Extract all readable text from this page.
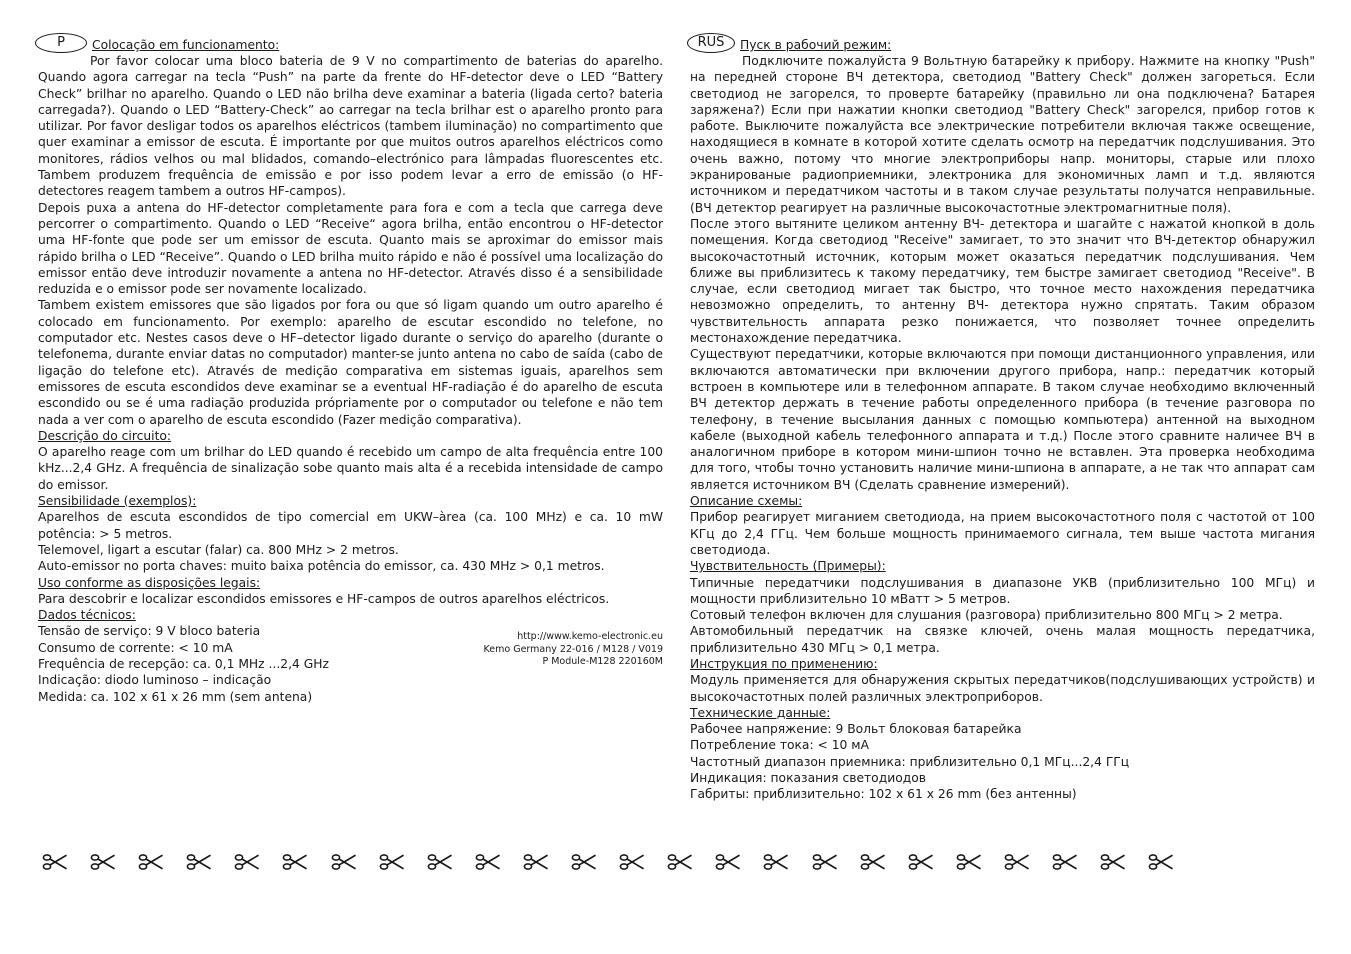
P	Colocação em funcionamento:

Por favor colocar uma bloco bateria de 9 V no compartimento de baterias do aparelho. Quando agora carregar na tecla “Push” na parte da frente do HF-detector deve o LED “Battery Check” brilhar no aparelho. Quando o LED não brilha deve examinar a bateria (ligada certo? bateria carregada?). Quando o LED “Battery-Check” ao carregar na tecla brilhar est o aparelho pronto para utilizar. Por favor desligar todos os aparelhos eléctricos (tambem iluminação) no compartimento que quer examinar a emissor de escuta. É importante por que muitos outros aparelhos eléctricos como monitores, rádios velhos ou mal blidados, comando–electrónico para lâmpadas fluorescentes etc. Tambem produzem frequência de emissão e por isso podem levar a erro de emissão (o HF- detectores reagem tambem a outros HF-campos).

Depois puxa a antena do HF-detector completamente para fora e com a tecla que carrega deve percorrer o compartimento. Quando o LED “Receive“ agora brilha, então encontrou o HF-detector uma HF-fonte que pode ser um emissor de escuta. Quanto mais se aproximar do emissor mais rápido brilha o LED “Receive”. Quando o LED brilha muito rápido e não é possível uma localização do emissor então deve introduzir novamente a antena no HF-detector. Através disso é a sensibilidade reduzida e o emissor pode ser novamente localizado.

Tambem existem emissores que são ligados por fora ou que só ligam quando um outro aparelho é colocado em funcionamento. Por exemplo: aparelho de escutar escondido no telefone, no computador etc. Nestes casos deve o HF–detector ligado durante o serviço do aparelho (durante o telefonema, durante enviar datas no computador) manter-se junto antena no cabo de saída (cabo de ligação do telefone etc). Através de medição comparativa em sistemas iguais, aparelhos sem emissores de escuta escondidos deve examinar se a eventual HF-radiação é do aparelho de escuta escondido ou se é uma radiação produzida própriamente por o computador ou telefone e não tem nada a ver com o aparelho de escuta escondido (Fazer medição comparativa).

Descrição do circuito:

O aparelho reage com um brilhar do LED quando é recebido um campo de alta frequência entre 100 kHz...2,4 GHz. A frequência de sinalização sobe quanto mais alta é a recebida intensidade de campo do emissor.

Sensibilidade (exemplos):

Aparelhos de escuta escondidos de tipo comercial em UKW–àrea (ca. 100 MHz) e ca. 10 mW potência: > 5 metros.

Telemovel, ligart a escutar (falar) ca. 800 MHz > 2 metros.

Auto-emissor no porta chaves: muito baixa potência do emissor, ca. 430 MHz > 0,1 metros.

Uso conforme as disposições legais:

Para descobrir e localizar escondidos emissores e HF-campos de outros aparelhos eléctricos.

Dados técnicos:
Tensão de serviço: 9 V bloco bateria
Consumo de corrente: < 10 mA
Frequência de recepção: ca. 0,1 MHz ...2,4 GHz
Indicação: diodo luminoso – indicação
Medida: ca. 102 x 61 x 26 mm (sem antena)
http://www.kemo-electronic.eu
Kemo Germany 22-016 / M128 / V019
P Module-M128 220160M
RUS	Пуск в рабочий режим:

Подключите пожалуйста 9 Вольтную батарейку к прибору. Нажмите на кнопку "Push" на передней стороне ВЧ детектора, светодиод "Battery Check" должен загореться. Если светодиод не загорелся, то проверте батарейку (правильно ли она подключена? Батарея заряжена?) Если при нажатии кнопки светодиод "Battery Check" загорелся, прибор готов к работе. Выключите пожалуйста все электрические потребители включая также освещение, находящиеся в комнате в которой хотите сделать осмотр на передатчик подслушивания. Это очень важно, потому что многие электроприборы напр. мониторы, старые или плохо экранированые радиоприемники, электроника для экономичных ламп и т.д. являются источником и передатчиком частоты и в таком случае результаты получатся неправильные. (ВЧ детектор реагирует на различные высокочастотные электромагнитные поля).

После этого вытяните целиком антенну ВЧ- детектора и шагайте с нажатой кнопкой в доль помещения. Когда светодиод "Receive" замигает, то это значит что ВЧ-детектор обнаружил высокочастотный источник, которым может оказаться передатчик подслушивания. Чем ближе вы приблизитесь к такому передатчику, тем быстре замигает светодиод "Receive". В случае, если светодиод мигает так быстро, что точное место нахождения передатчика невозможно определить, то антенну ВЧ- детектора нужно спрятать. Таким образом чувствительность аппарата резко понижается, что позволяет точнее определить местонахождение передатчика.

Существуют передатчики, которые включаются при помощи дистанционного управления, или включаются автоматически при включении другого прибора, напр.: передатчик который встроен в компьютере или в телефонном аппарате. В таком случае необходимо включенный ВЧ детектор держать в течение работы определенного прибора (в течение разговора по телефону, в течение высылания данных с помощью компьютера) антенной на выходном кабеле (выходной кабель телефонного аппарата и т.д.) После этого сравните наличее ВЧ в аналогичном приборе в котором мини-шпион точно не вставлен. Эта проверка необходима для того, чтобы точно установить наличие мини-шпиона в аппарате, а не так что аппарат сам является источником ВЧ (Сделать сравнение измерений).

Описание схемы:

Прибор реагирует миганием светодиода, на прием высокочастотного поля с частотой от 100 КГц до 2,4 ГГц. Чем больше мощность принимаемого сигнала, тем выше частота мигания светодиода.

Чувствительность (Примеры):

Типичные передатчики подслушивания в диапазоне УКВ (приблизительно 100 МГц) и мощности приблизительно 10 мВатт > 5 метров.

Сотовый телефон включен для слушания (разговора) приблизительно 800 МГц > 2 метра.

Автомобильный передатчик на связке ключей, очень малая мощность передатчика, приблизительно 430 МГц > 0,1 метра.

Инструкция по применению:

Модуль применяется для обнаружения скрытых передатчиков(подслушивающих устройств) и высокочастотных полей различных электроприборов.

Технические данные:
Рабочее напряжение: 9 Вольт блоковая батарейка
Потребление тока: < 10 мА
Частотный диапазон приемника: приблизительно 0,1 МГц...2,4 ГГц
Индикация: показания светодиодов
Габриты: приблизительно: 102 x 61 x 26 mm (без антенны)
